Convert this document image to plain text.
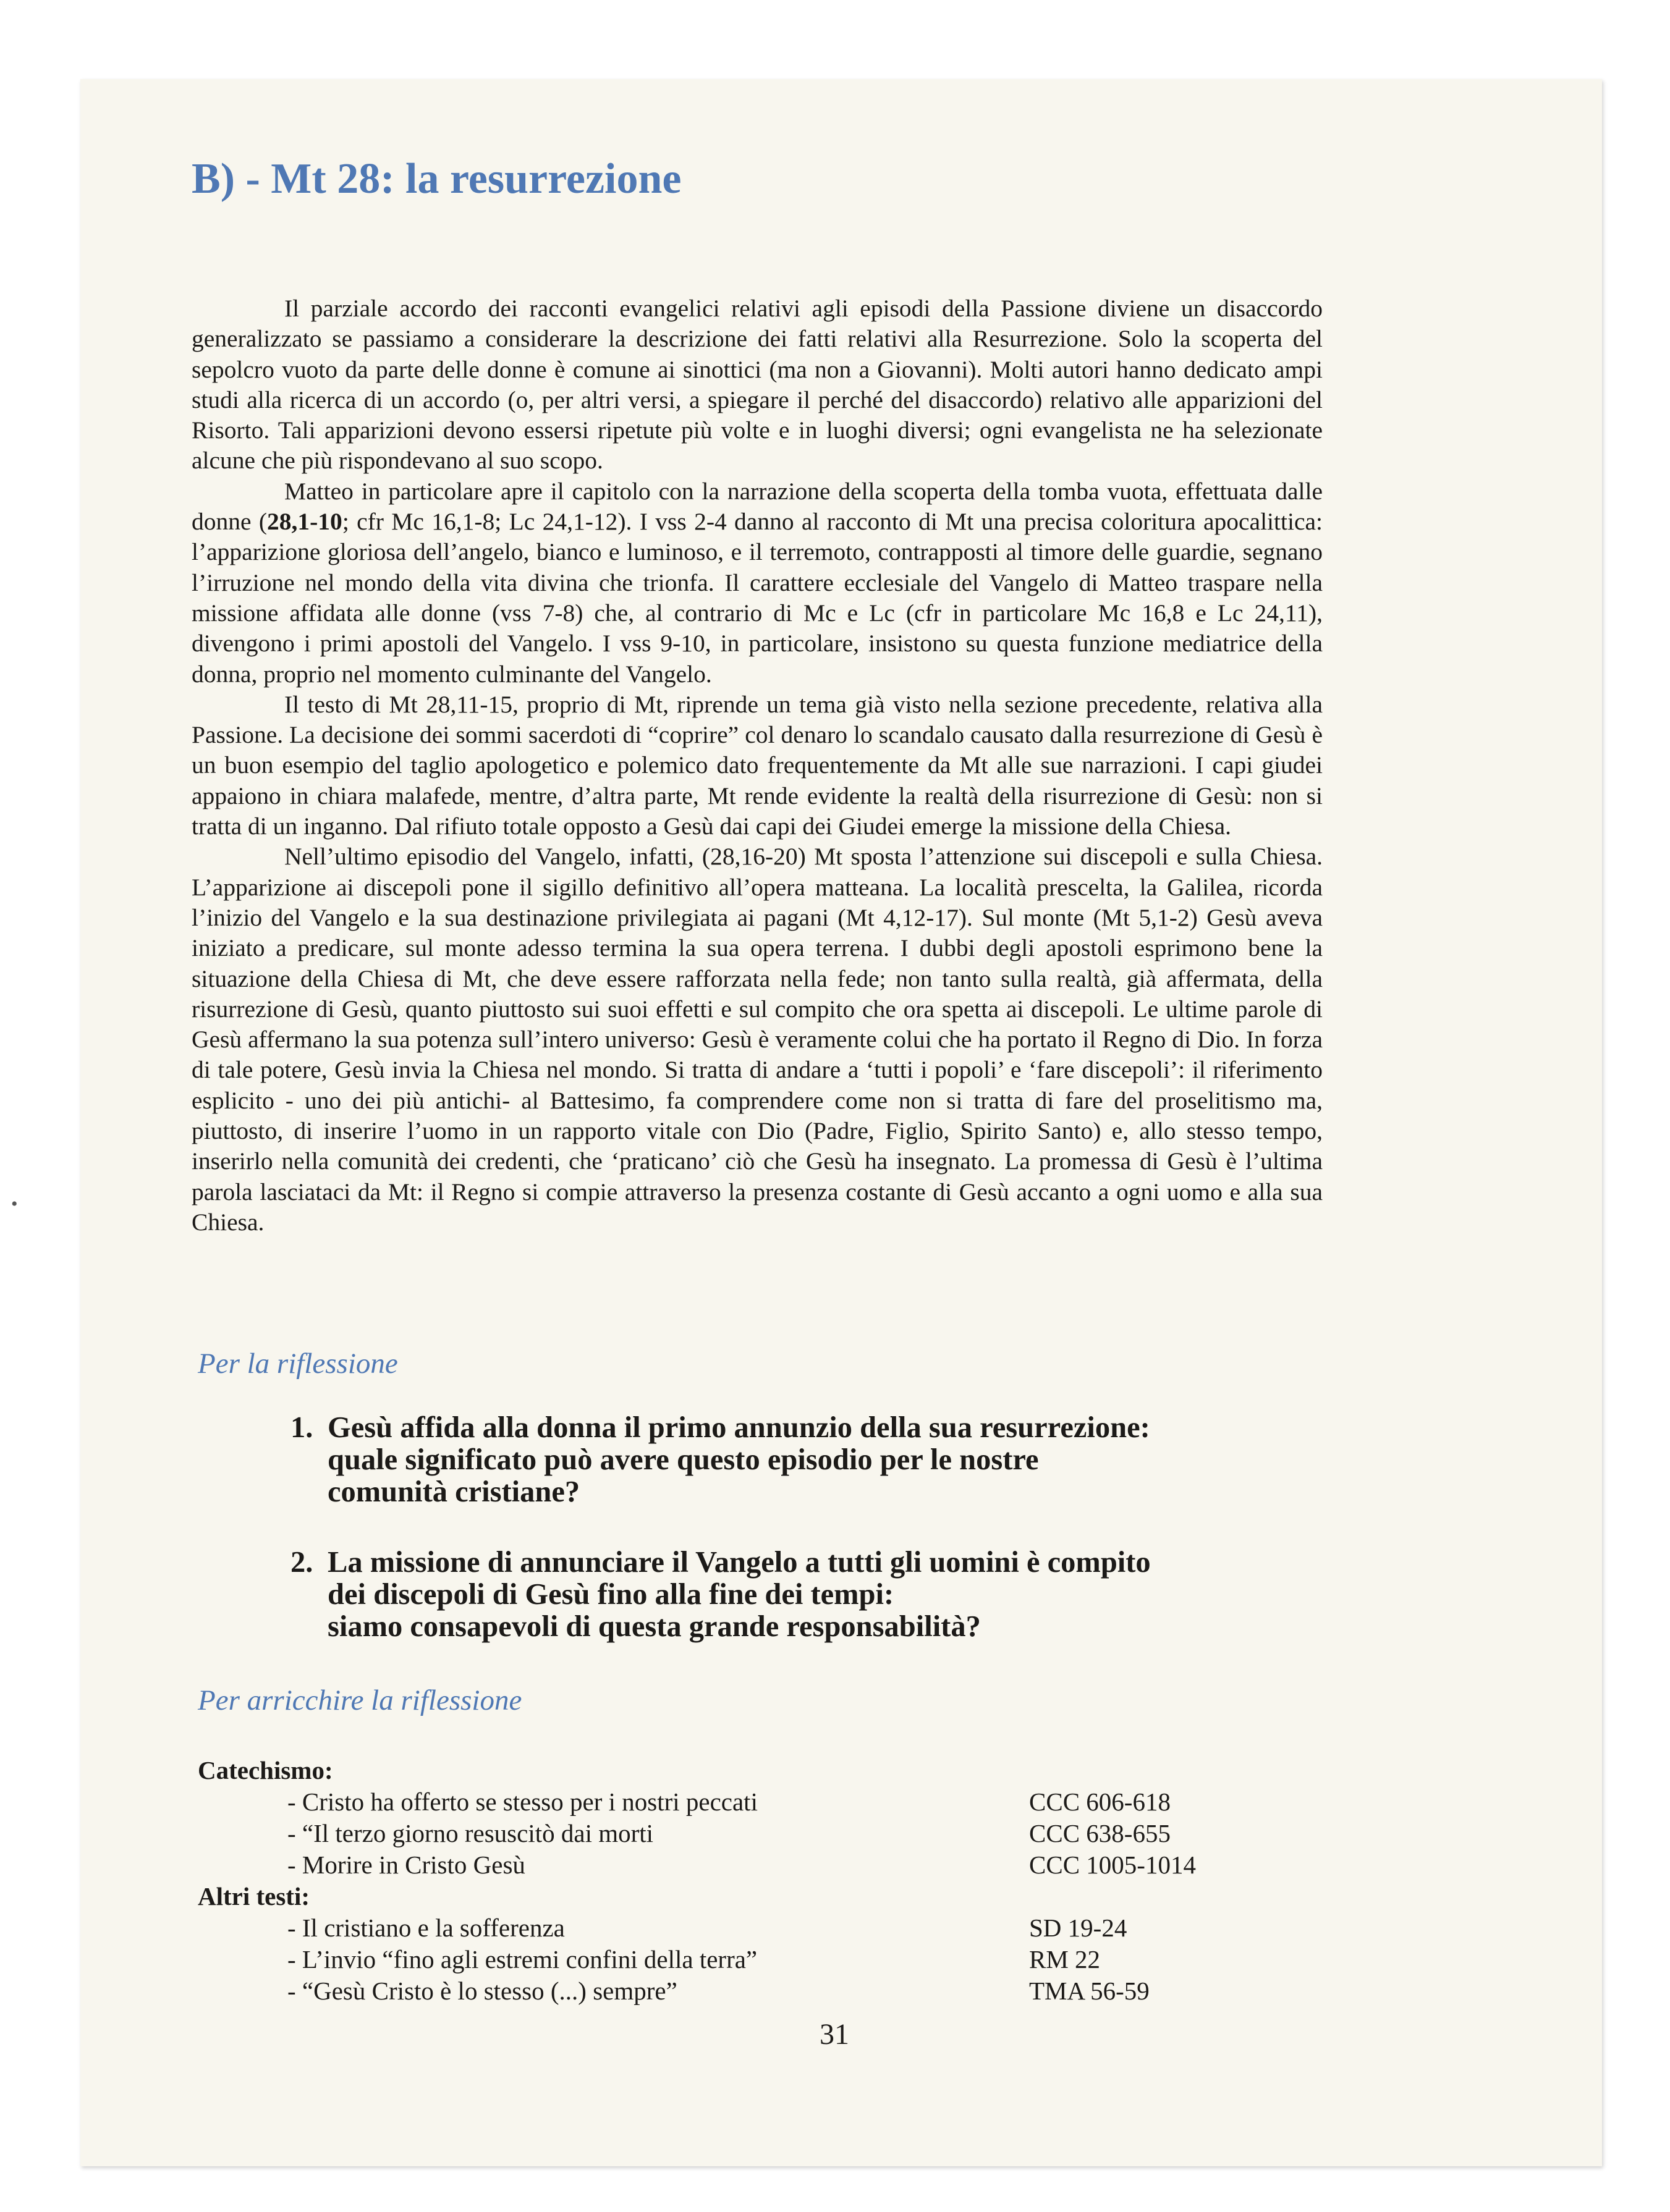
B) - Mt 28: la resurrezione

Il parziale accordo dei racconti evangelici relativi agli episodi della Passione diviene un disaccordo generalizzato se passiamo a considerare la descrizione dei fatti relativi alla Resurrezione. Solo la scoperta del sepolcro vuoto da parte delle donne è comune ai sinottici (ma non a Giovanni). Molti autori hanno dedicato ampi studi alla ricerca di un accordo (o, per altri versi, a spiegare il perché del disaccordo) relativo alle apparizioni del Risorto. Tali apparizioni devono essersi ripetute più volte e in luoghi diversi; ogni evangelista ne ha selezionate alcune che più rispondevano al suo scopo.

Matteo in particolare apre il capitolo con la narrazione della scoperta della tomba vuota, effettuata dalle donne (28,1-10; cfr Mc 16,1-8; Lc 24,1-12). I vss 2-4 danno al racconto di Mt una precisa coloritura apocalittica: l’apparizione gloriosa dell’angelo, bianco e luminoso, e il terremoto, contrapposti al timore delle guardie, segnano l’irruzione nel mondo della vita divina che trionfa. Il carattere ecclesiale del Vangelo di Matteo traspare nella missione affidata alle donne (vss 7-8) che, al contrario di Mc e Lc (cfr in particolare Mc 16,8 e Lc 24,11), divengono i primi apostoli del Vangelo. I vss 9-10, in particolare, insistono su questa funzione mediatrice della donna, proprio nel momento culminante del Vangelo.

Il testo di Mt 28,11-15, proprio di Mt, riprende un tema già visto nella sezione precedente, relativa alla Passione. La decisione dei sommi sacerdoti di “coprire” col denaro lo scandalo causato dalla resurrezione di Gesù è un buon esempio del taglio apologetico e polemico dato frequentemente da Mt alle sue narrazioni. I capi giudei appaiono in chiara malafede, mentre, d’altra parte, Mt rende evidente la realtà della risurrezione di Gesù: non si tratta di un inganno. Dal rifiuto totale opposto a Gesù dai capi dei Giudei emerge la missione della Chiesa.

Nell’ultimo episodio del Vangelo, infatti, (28,16-20) Mt sposta l’attenzione sui discepoli e sulla Chiesa. L’apparizione ai discepoli pone il sigillo definitivo all’opera matteana. La località prescelta, la Galilea, ricorda l’inizio del Vangelo e la sua destinazione privilegiata ai pagani (Mt 4,12-17). Sul monte (Mt 5,1-2) Gesù aveva iniziato a predicare, sul monte adesso termina la sua opera terrena. I dubbi degli apostoli esprimono bene la situazione della Chiesa di Mt, che deve essere rafforzata nella fede; non tanto sulla realtà, già affermata, della risurrezione di Gesù, quanto piuttosto sui suoi effetti e sul compito che ora spetta ai discepoli. Le ultime parole di Gesù affermano la sua potenza sull’intero universo: Gesù è veramente colui che ha portato il Regno di Dio. In forza di tale potere, Gesù invia la Chiesa nel mondo. Si tratta di andare a ‘tutti i popoli’ e ‘fare discepoli’: il riferimento esplicito - uno dei più antichi- al Battesimo, fa comprendere come non si tratta di fare del proselitismo ma, piuttosto, di inserire l’uomo in un rapporto vitale con Dio (Padre, Figlio, Spirito Santo) e, allo stesso tempo, inserirlo nella comunità dei credenti, che ‘praticano’ ciò che Gesù ha insegnato. La promessa di Gesù è l’ultima parola lasciataci da Mt: il Regno si compie attraverso la presenza costante di Gesù accanto a ogni uomo e alla sua Chiesa.

Per la riflessione
1. Gesù affida alla donna il primo annunzio della sua resurrezione:
quale significato può avere questo episodio per le nostre
comunità cristiane?
2. La missione di annunciare il Vangelo a tutti gli uomini è compito
dei discepoli di Gesù fino alla fine dei tempi:
siamo consapevoli di questa grande responsabilità?
Per arricchire la riflessione
Catechismo:
- Cristo ha offerto se stesso per i nostri peccati	CCC 606-618
- “Il terzo giorno resuscitò dai morti	CCC 638-655
- Morire in Cristo Gesù	CCC 1005-1014
Altri testi:
- Il cristiano e la sofferenza	SD 19-24
- L’invio “fino agli estremi confini della terra”	RM 22
- “Gesù Cristo è lo stesso (...) sempre”	TMA 56-59
31
•
